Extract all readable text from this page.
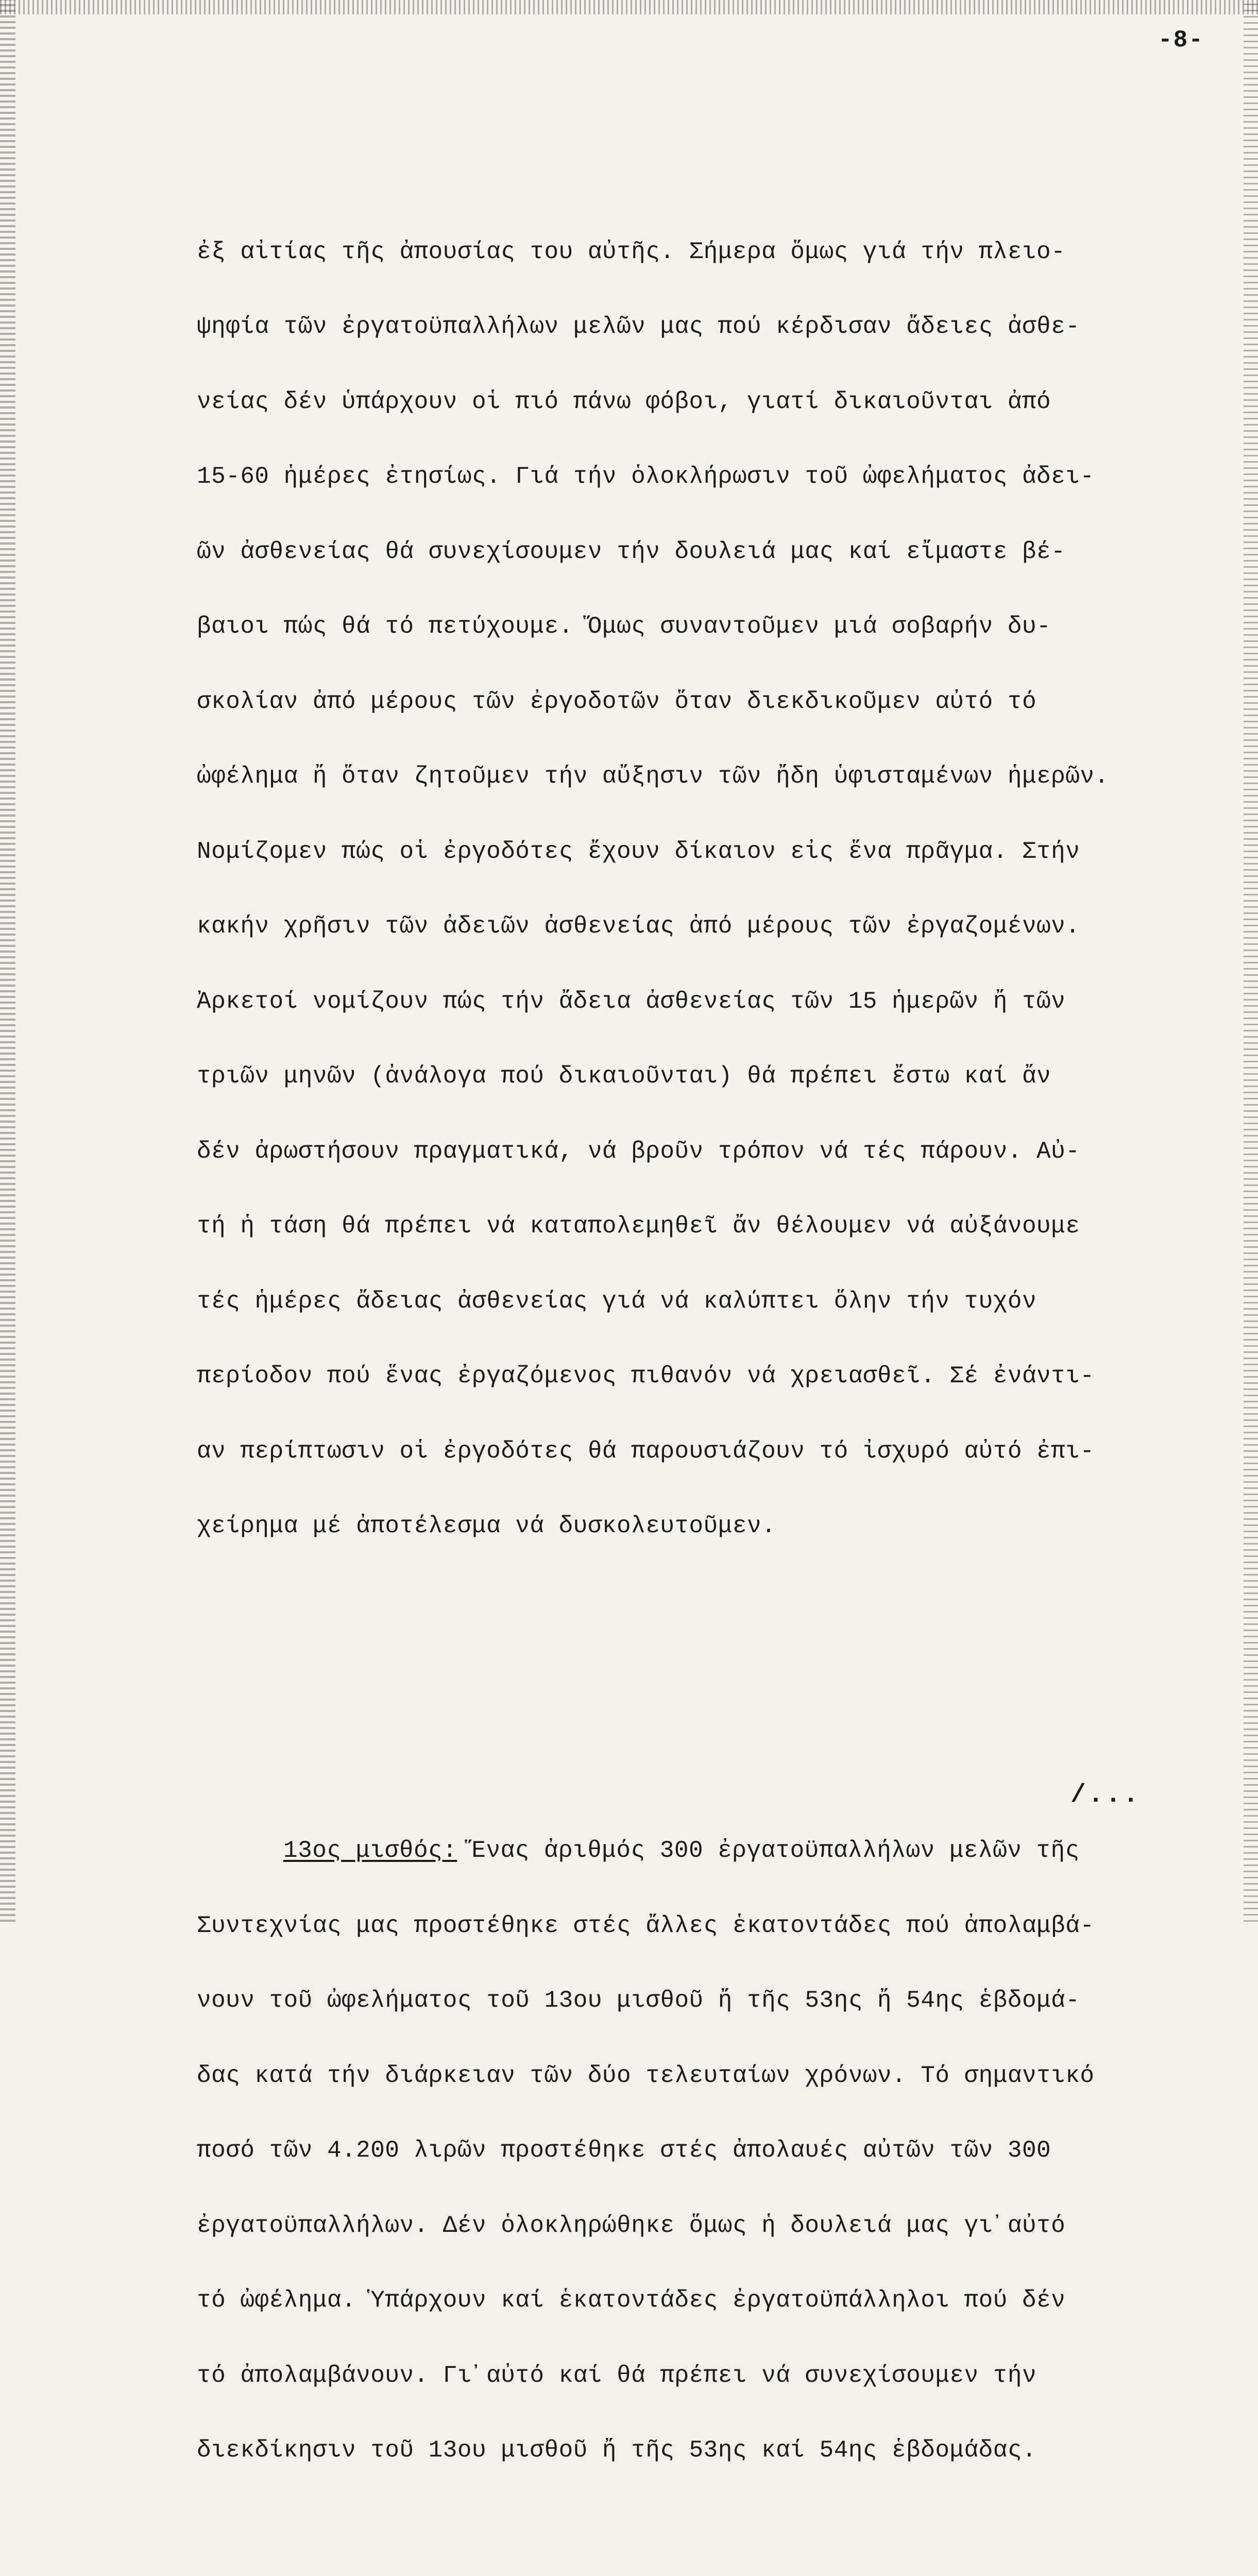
-8-

ἐξ αἰτίας τῆς ἀπουσίας του αὐτῆς. Σήμερα ὅμως γιά τήν πλειο-

ψηφία τῶν ἐργατοϋπαλλήλων μελῶν μας πού κέρδισαν ἄδειες ἀσθε-

νείας δέν ὑπάρχουν οἱ πιό πάνω φόβοι, γιατί δικαιοῦνται ἀπό

15-60 ἡμέρες ἐτησίως. Γιά τήν ὁλοκλήρωσιν τοῦ ὠφελήματος ἀδει-

ῶν ἀσθενείας θά συνεχίσουμεν τήν δουλειά μας καί εἴμαστε βέ-

βαιοι πώς θά τό πετύχουμε. Ὅμως συναντοῦμεν μιά σοβαρήν δυ-

σκολίαν ἀπό μέρους τῶν ἐργοδοτῶν ὅταν διεκδικοῦμεν αὐτό τό

ὠφέλημα ἤ ὅταν ζητοῦμεν τήν αὔξησιν τῶν ἤδη ὑφισταμένων ἡμερῶν.

Νομίζομεν πώς οἱ ἐργοδότες ἔχουν δίκαιον εἰς ἕνα πρᾶγμα. Στήν

κακήν χρῆσιν τῶν ἀδειῶν ἀσθενείας ἀπό μέρους τῶν ἐργαζομένων.

Ἀρκετοί νομίζουν πώς τήν ἄδεια ἀσθενείας τῶν 15 ἡμερῶν ἤ τῶν

τριῶν μηνῶν (ἀνάλογα πού δικαιοῦνται) θά πρέπει ἔστω καί ἄν

δέν ἀρωστήσουν πραγματικά, νά βροῦν τρόπον νά τές πάρουν. Αὐ-

τή ἡ τάση θά πρέπει νά καταπολεμηθεῖ ἄν θέλουμεν νά αὐξάνουμε

τές ἡμέρες ἄδειας ἀσθενείας γιά νά καλύπτει ὅλην τήν τυχόν

περίοδον πού ἕνας ἐργαζόμενος πιθανόν νά χρειασθεῖ. Σέ ἐνάντι-

αν περίπτωσιν οἱ ἐργοδότες θά παρουσιάζουν τό ἰσχυρό αὐτό ἐπι-

χείρημα μέ ἀποτέλεσμα νά δυσκολευτοῦμεν.

13ος μισθός: Ἕνας ἀριθμός 300 ἐργατοϋπαλλήλων μελῶν τῆς

Συντεχνίας μας προστέθηκε στές ἄλλες ἑκατοντάδες πού ἀπολαμβά-

νουν τοῦ ὠφελήματος τοῦ 13ου μισθοῦ ἤ τῆς 53ης ἤ 54ης ἑβδομά-

δας κατά τήν διάρκειαν τῶν δύο τελευταίων χρόνων. Τό σημαντικό

ποσό τῶν 4.200 λιρῶν προστέθηκε στές ἀπολαυές αὐτῶν τῶν 300

ἐργατοϋπαλλήλων. Δέν ὁλοκληρώθηκε ὅμως ἡ δουλειά μας γι᾽αὐτό

τό ὠφέλημα. Ὑπάρχουν καί ἑκατοντάδες ἐργατοϋπάλληλοι πού δέν

τό ἀπολαμβάνουν. Γι᾽αὐτό καί θά πρέπει νά συνεχίσουμεν τήν

διεκδίκησιν τοῦ 13ου μισθοῦ ἤ τῆς 53ης καί 54ης ἑβδομάδας.

/...
